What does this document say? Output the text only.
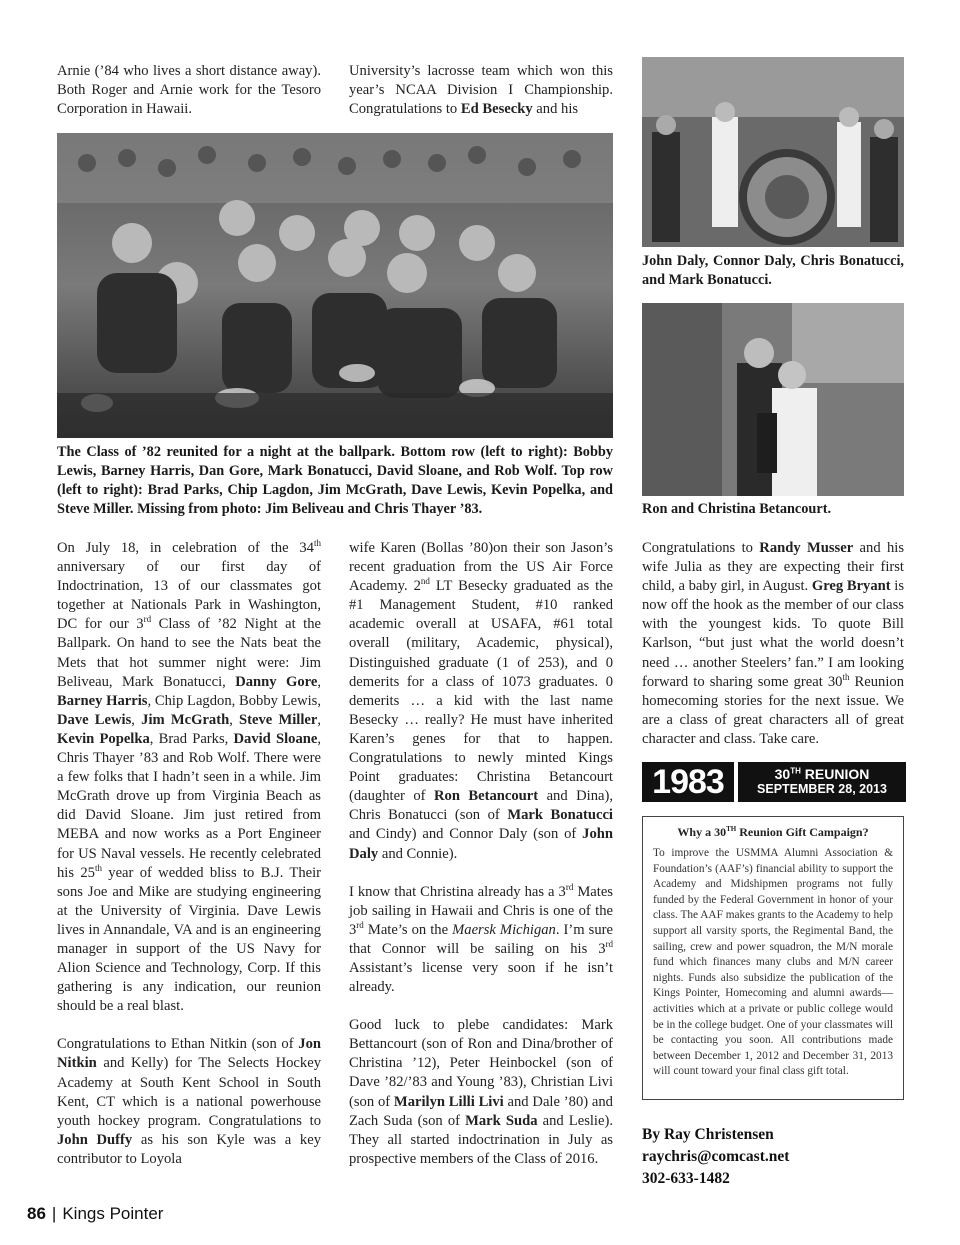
Arnie (’84 who lives a short distance away). Both Roger and Arnie work for the Tesoro Corporation in Hawaii.
University’s lacrosse team which won this year’s NCAA Division I Championship. Congratulations to Ed Besecky and his
John Daly, Connor Daly, Chris Bonatucci, and Mark Bonatucci.
Ron and Christina Betancourt.
The Class of ’82 reunited for a night at the ballpark. Bottom row (left to right): Bobby Lewis, Barney Harris, Dan Gore, Mark Bonatucci, David Sloane, and Rob Wolf. Top row (left to right): Brad Parks, Chip Lagdon, Jim McGrath, Dave Lewis, Kevin Popelka, and Steve Miller. Missing from photo: Jim Beliveau and Chris Thayer ’83.

On July 18, in celebration of the 34th anniversary of our first day of Indoctrination, 13 of our classmates got together at Nationals Park in Washington, DC for our 3rd Class of ’82 Night at the Ballpark. On hand to see the Nats beat the Mets that hot summer night were: Jim Beliveau, Mark Bonatucci, Danny Gore, Barney Harris, Chip Lagdon, Bobby Lewis, Dave Lewis, Jim McGrath, Steve Miller, Kevin Popelka, Brad Parks, David Sloane, Chris Thayer ’83 and Rob Wolf. There were a few folks that I hadn’t seen in a while. Jim McGrath drove up from Virginia Beach as did David Sloane. Jim just retired from MEBA and now works as a Port Engineer for US Naval vessels. He recently celebrated his 25th year of wedded bliss to B.J. Their sons Joe and Mike are studying engineering at the University of Virginia. Dave Lewis lives in Annandale, VA and is an engineering manager in support of the US Navy for Alion Science and Technology, Corp. If this gathering is any indication, our reunion should be a real blast.

Congratulations to Ethan Nitkin (son of Jon Nitkin and Kelly) for The Selects Hockey Academy at South Kent School in South Kent, CT which is a national powerhouse youth hockey program. Congratulations to John Duffy as his son Kyle was a key contributor to Loyola

wife Karen (Bollas ’80)on their son Jason’s recent graduation from the US Air Force Academy. 2nd LT Besecky graduated as the #1 Management Student, #10 ranked academic overall at USAFA, #61 total overall (military, Academic, physical), Distinguished graduate (1 of 253), and 0 demerits for a class of 1073 graduates. 0 demerits … a kid with the last name Besecky … really? He must have inherited Karen’s genes for that to happen. Congratulations to newly minted Kings Point graduates: Christina Betancourt (daughter of Ron Betancourt and Dina), Chris Bonatucci (son of Mark Bonatucci and Cindy) and Connor Daly (son of John Daly and Connie).

I know that Christina already has a 3rd Mates job sailing in Hawaii and Chris is one of the 3rd Mate’s on the Maersk Michigan. I’m sure that Connor will be sailing on his 3rd Assistant’s license very soon if he isn’t already.

Good luck to plebe candidates: Mark Bettancourt (son of Ron and Dina/brother of Christina ’12), Peter Heinbockel (son of Dave ’82/’83 and Young ’83), Christian Livi (son of Marilyn Lilli Livi and Dale ’80) and Zach Suda (son of Mark Suda and Leslie). They all started indoctrination in July as prospective members of the Class of 2016.

Congratulations to Randy Musser and his wife Julia as they are expecting their first child, a baby girl, in August. Greg Bryant is now off the hook as the member of our class with the youngest kids. To quote Bill Karlson, “but just what the world doesn’t need … another Steelers’ fan.” I am looking forward to sharing some great 30th Reunion homecoming stories for the next issue. We are a class of great characters all of great character and class. Take care.

1983	30TH REUNION
SEPTEMBER 28, 2013
Why a 30TH Reunion Gift Campaign?
To improve the USMMA Alumni Association & Foundation’s (AAF’s) financial ability to support the Academy and Midshipmen programs not fully funded by the Federal Government in honor of your class. The AAF makes grants to the Academy to help support all varsity sports, the Regimental Band, the sailing, crew and power squadron, the M/N morale fund which finances many clubs and M/N career nights. Funds also subsidize the publication of the Kings Pointer, Homecoming and alumni awards—activities which at a private or public college would be in the college budget. One of your classmates will be contacting you soon. All contributions made between December 1, 2012 and December 31, 2013 will count toward your final class gift total.
By Ray Christensen
raychris@comcast.net
302-633-1482
86 | Kings Pointer
